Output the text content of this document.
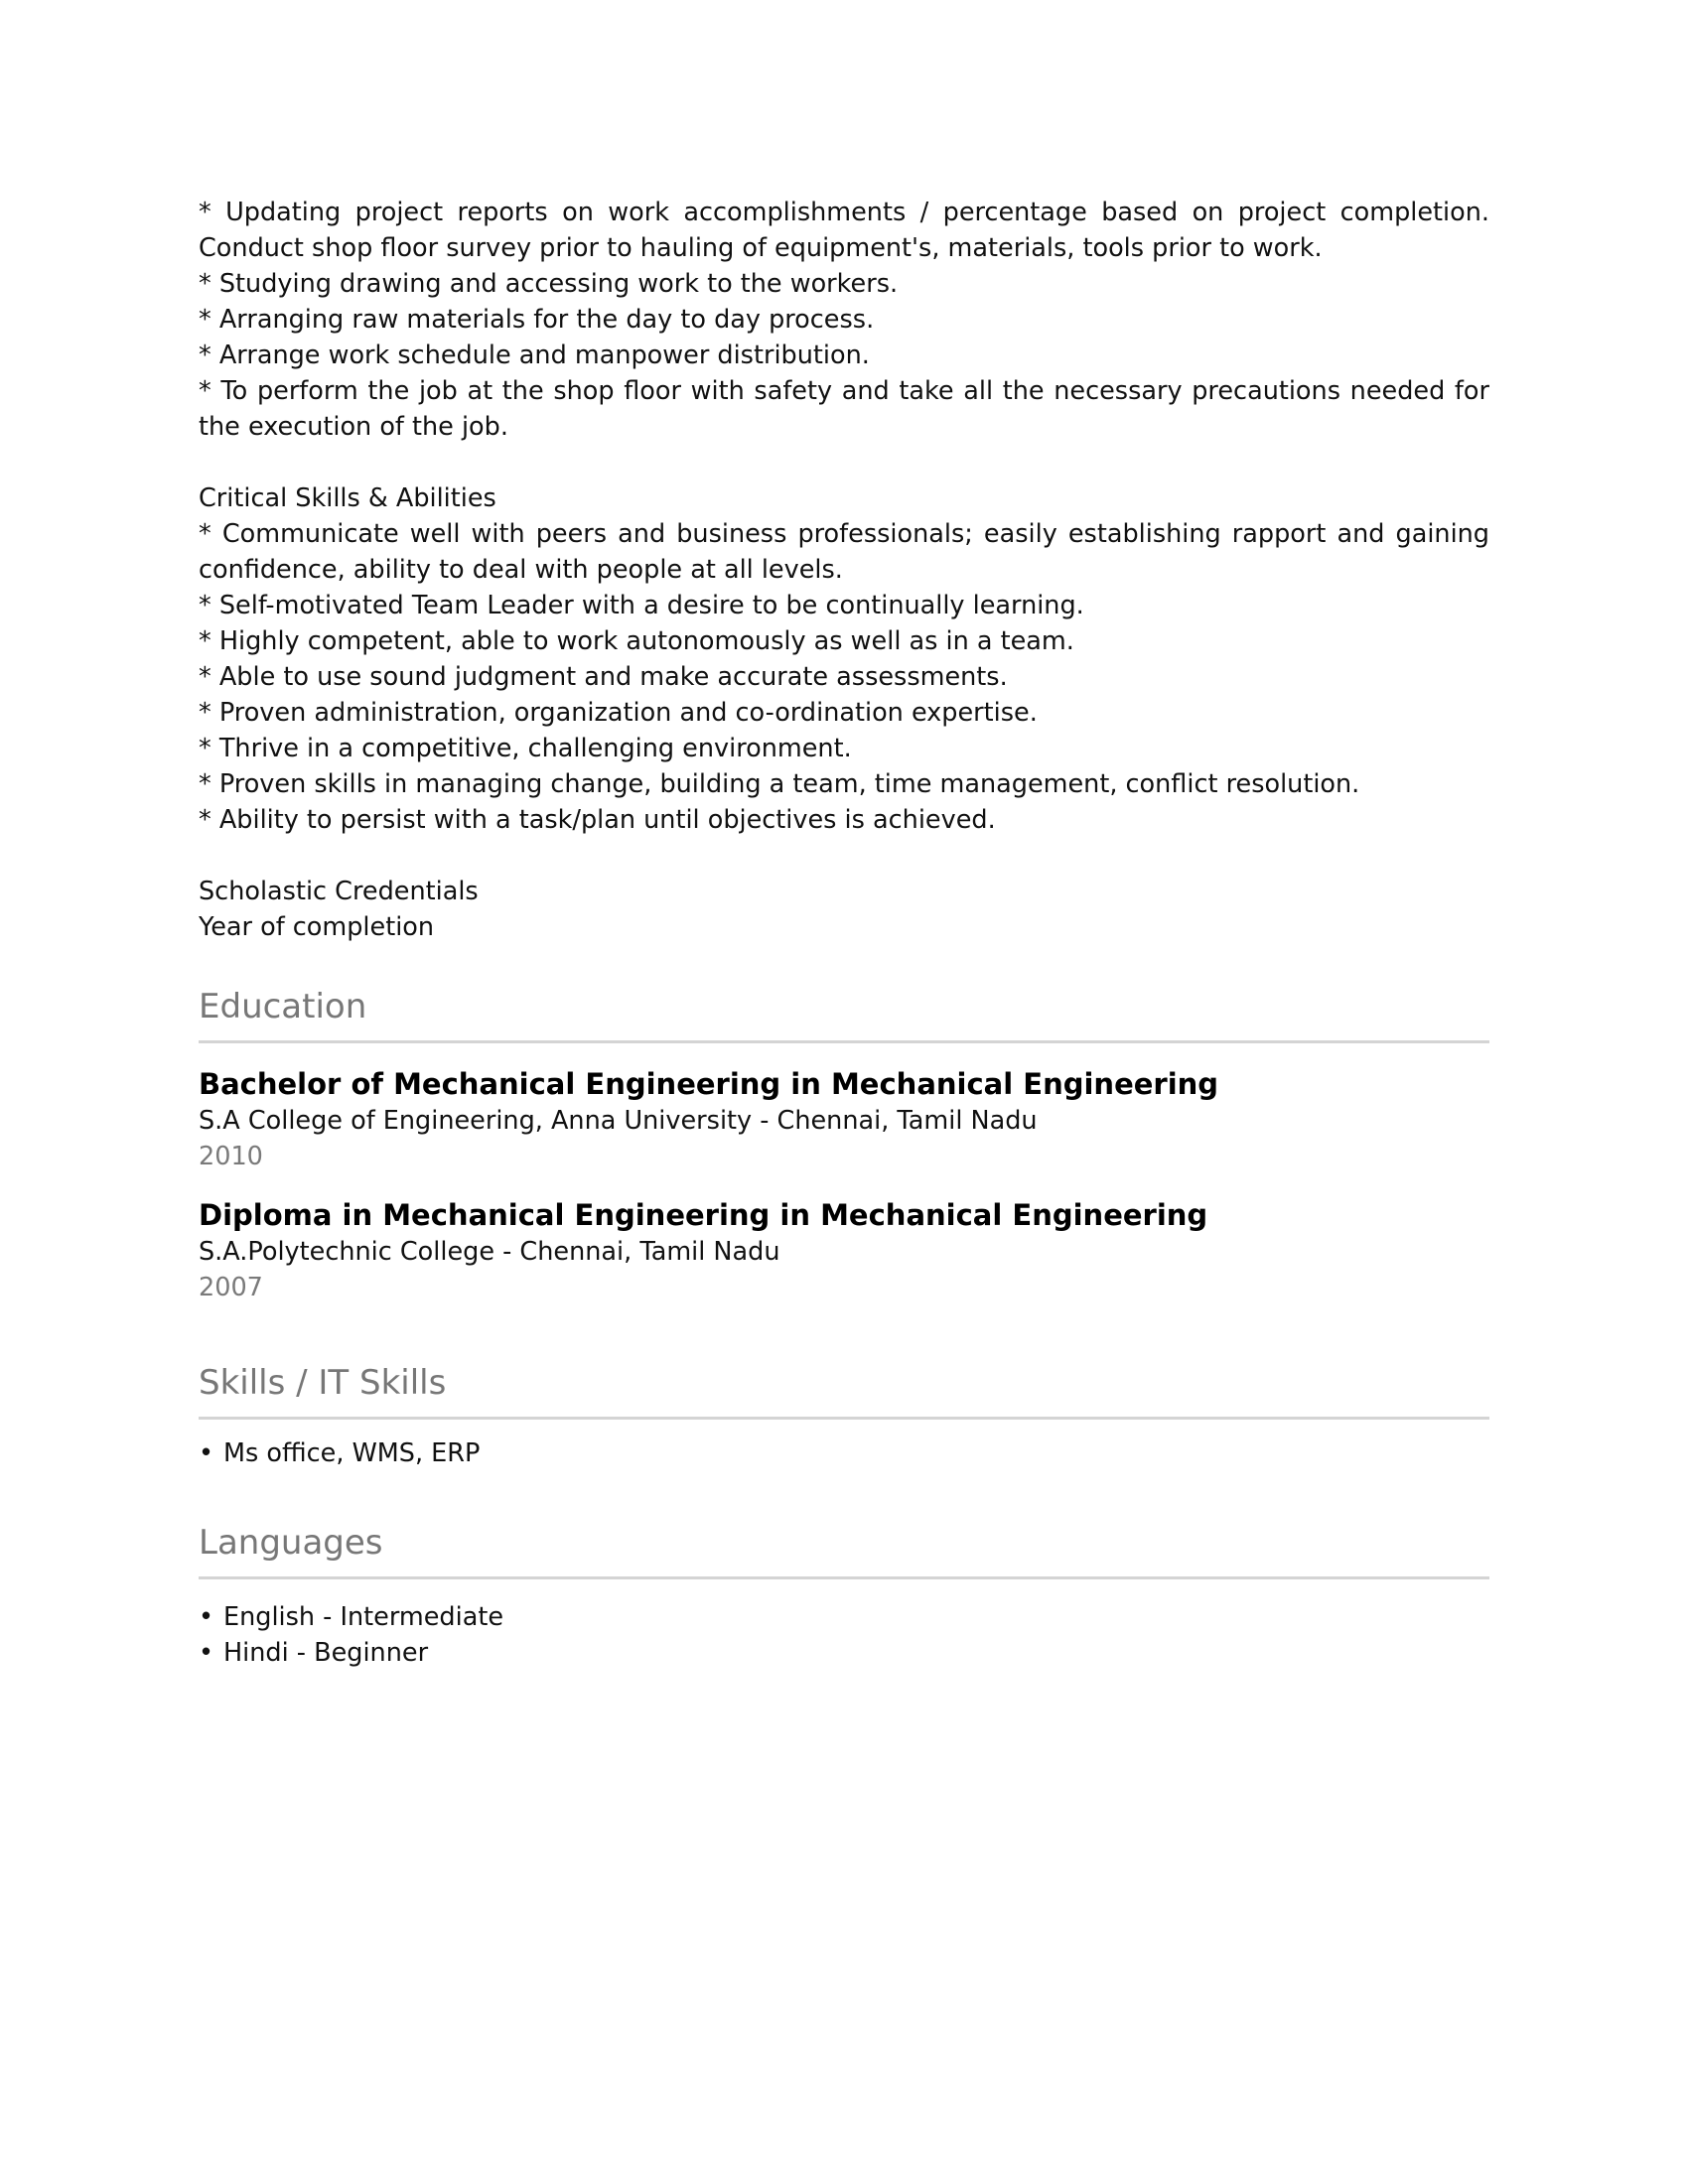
* Updating project reports on work accomplishments / percentage based on project completion. Conduct shop floor survey prior to hauling of equipment's, materials, tools prior to work.

* Studying drawing and accessing work to the workers.

* Arranging raw materials for the day to day process.

* Arrange work schedule and manpower distribution.

* To perform the job at the shop floor with safety and take all the necessary precautions needed for the execution of the job.

Critical Skills & Abilities

* Communicate well with peers and business professionals; easily establishing rapport and gaining confidence, ability to deal with people at all levels.

* Self-motivated Team Leader with a desire to be continually learning.

* Highly competent, able to work autonomously as well as in a team.

* Able to use sound judgment and make accurate assessments.

* Proven administration, organization and co-ordination expertise.

* Thrive in a competitive, challenging environment.

* Proven skills in managing change, building a team, time management, conflict resolution.

* Ability to persist with a task/plan until objectives is achieved.

Scholastic Credentials

Year of completion

Education

Bachelor of Mechanical Engineering in Mechanical Engineering

S.A College of Engineering, Anna University - Chennai, Tamil Nadu

2010

Diploma in Mechanical Engineering in Mechanical Engineering

S.A.Polytechnic College - Chennai, Tamil Nadu

2007

Skills / IT Skills
• Ms office, WMS, ERP
Languages
• English - Intermediate
• Hindi - Beginner
